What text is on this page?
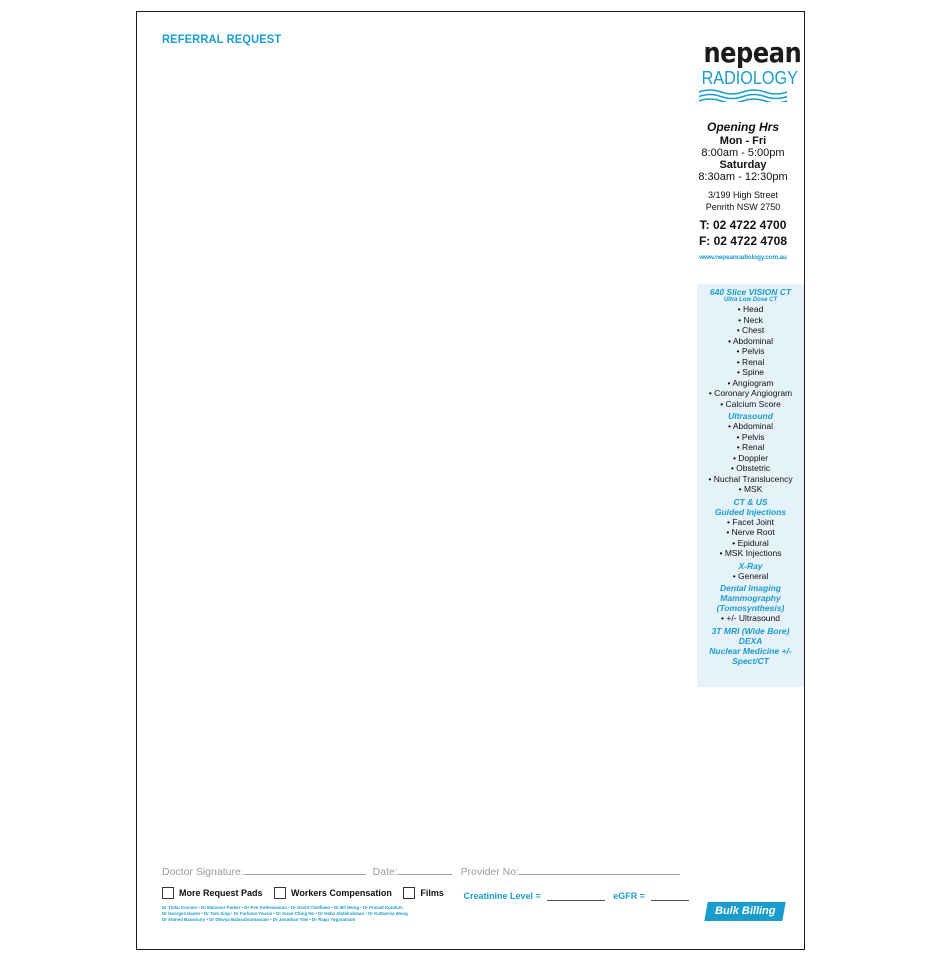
REFERRAL REQUEST	nepean
RADIOLOGY
Opening Hrs
Mon - Fri
8:00am - 5:00pm
Saturday
8:30am - 12:30pm
3/199 High Street
Penrith NSW 2750
T: 02 4722 4700
F: 02 4722 4708
www.nepeanradiology.com.au
640 Slice VISION CT
Ultra Low Dose CT
• Head
• Neck
• Chest
• Abdominal
• Pelvis
• Renal
• Spine
• Angiogram
• Coronary Angiogram
• Calcium Score
Ultrasound
• Abdominal
• Pelvis
• Renal
• Doppler
• Obstetric
• Nuchal Translucency
• MSK
CT & US
Guided Injections
• Facet Joint
• Nerve Root
• Epidural
• MSK Injections
X-Ray
• General
Dental Imaging
Mammography
(Tomosynthesis)
• +/- Ultrasound
3T MRI (Wide Bore)
DEXA
Nuclear Medicine +/-
Spect/CT
Doctor Signature:	Date:	Provider No:
More Request Pads
	Workers Compensation
	Films
Creatinine Level =
	eGFR =
Dr Tinku Kocnen • Dr Mansoor Parker • Dr Pen Ketheswaran • Dr David Chedlaen • Dr Bil Wong • Dr Prasad Kundum
Dr Georges Hazen • Dr Tom Sing • Dr Farhana Yousis • Dr Kuan-Ching Ho • Dr Heba Abdelrahman • Dr Katharina Wong
Dr Ahmed Bassioury • Dr Dhivya Balasubramaniam • Dr Jonathan Tow • Dr Ragu Yogaratnam
Bulk Billing
